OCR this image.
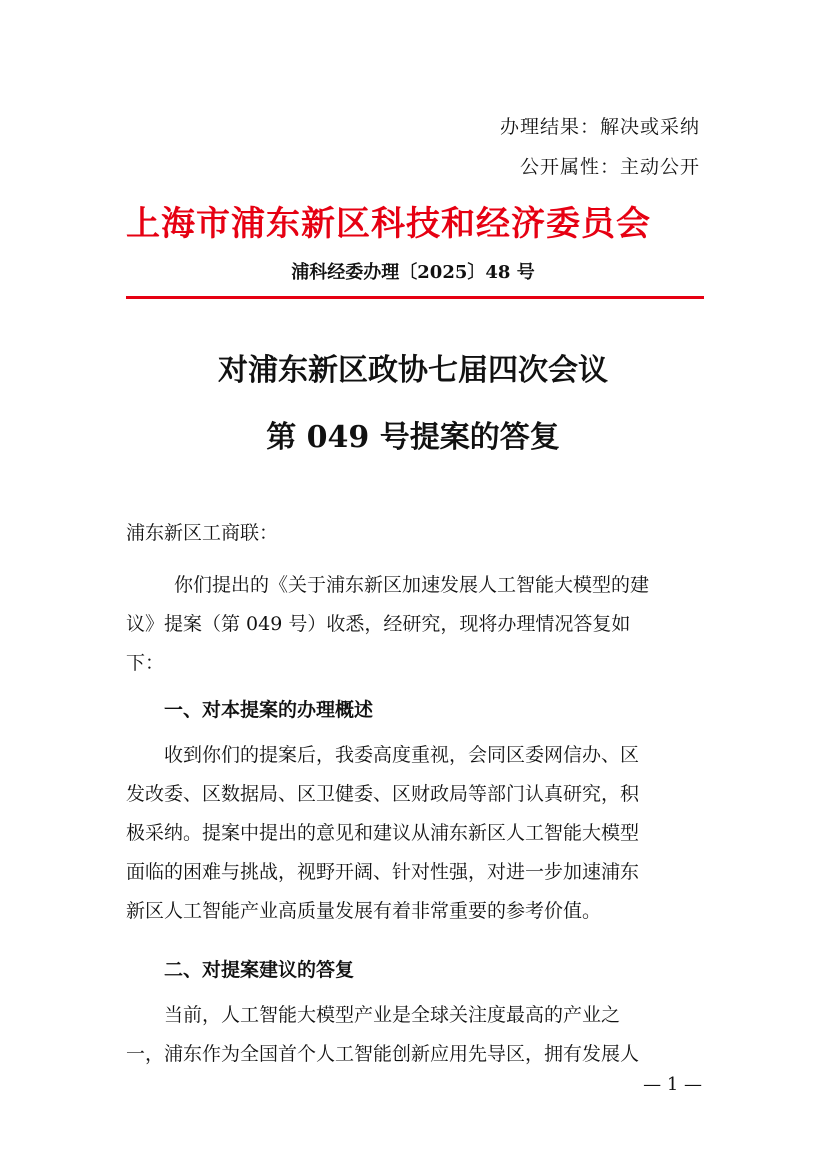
办理结果：解决或采纳
公开属性：主动公开
上海市浦东新区科技和经济委员会
浦科经委办理〔2025〕48 号
对浦东新区政协七届四次会议
第 049 号提案的答复
浦东新区工商联：
你们提出的《关于浦东新区加速发展人工智能大模型的建
议》提案（第 049 号）收悉，经研究，现将办理情况答复如
下：
一、对本提案的办理概述
收到你们的提案后，我委高度重视，会同区委网信办、区
发改委、区数据局、区卫健委、区财政局等部门认真研究，积
极采纳。提案中提出的意见和建议从浦东新区人工智能大模型
面临的困难与挑战，视野开阔、针对性强，对进一步加速浦东
新区人工智能产业高质量发展有着非常重要的参考价值。
二、对提案建议的答复
当前，人工智能大模型产业是全球关注度最高的产业之
一，浦东作为全国首个人工智能创新应用先导区，拥有发展人
— 1 —
